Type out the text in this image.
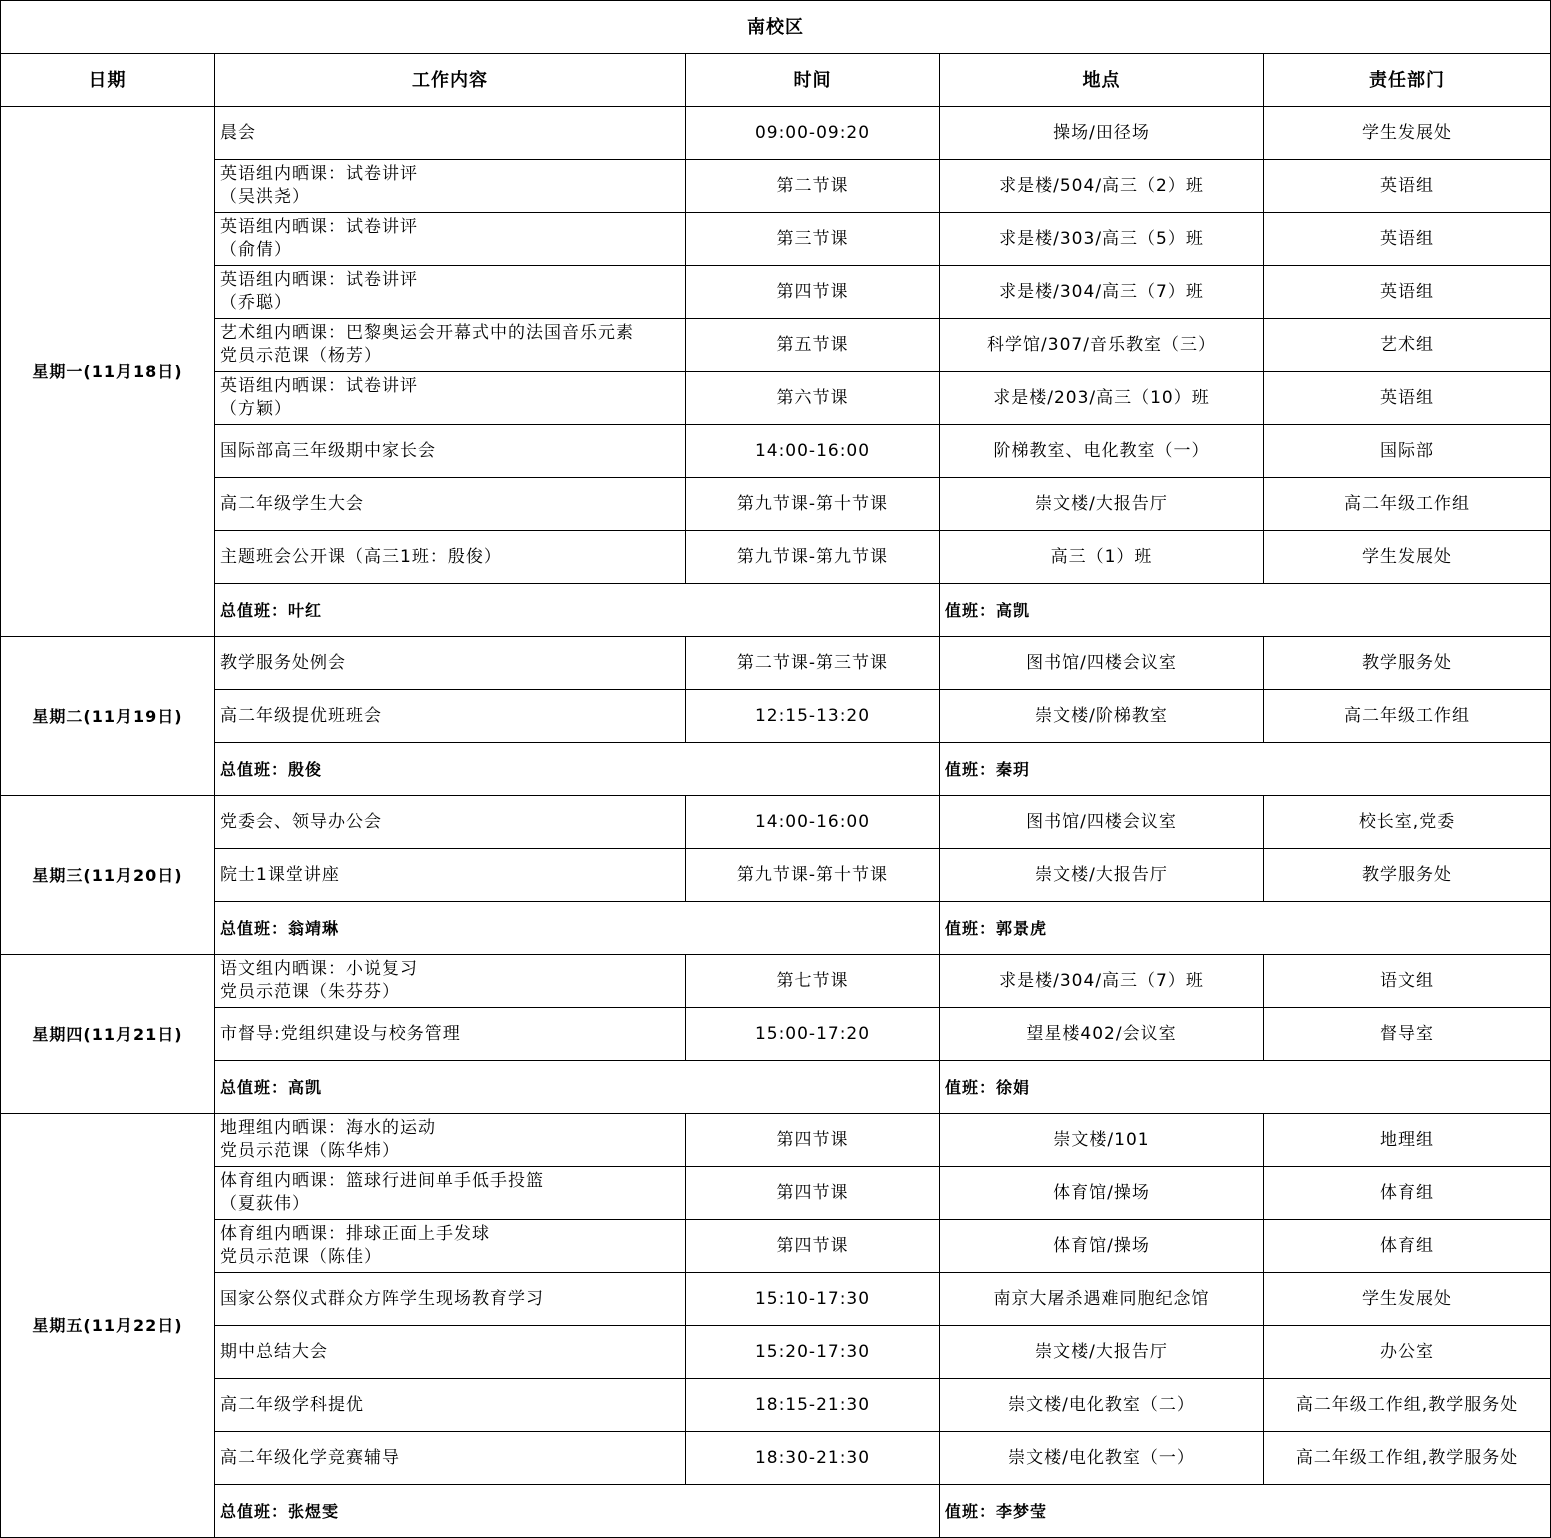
南校区				
日期	工作内容	时间	地点	责任部门
星期一(11月18日)	晨会	09:00-09:20	操场/田径场	学生发展处

	英语组内晒课：试卷讲评
（吴洪尧）	第二节课	求是楼/504/高三（2）班	英语组

	英语组内晒课：试卷讲评
（俞倩）	第三节课	求是楼/303/高三（5）班	英语组

	英语组内晒课：试卷讲评
（乔聪）	第四节课	求是楼/304/高三（7）班	英语组

	艺术组内晒课：巴黎奥运会开幕式中的法国音乐元素
党员示范课（杨芳）	第五节课	科学馆/307/音乐教室（三）	艺术组

	英语组内晒课：试卷讲评
（方颖）	第六节课	求是楼/203/高三（10）班	英语组

	国际部高三年级期中家长会	14:00-16:00	阶梯教室、电化教室（一）	国际部

	高二年级学生大会	第九节课-第十节课	崇文楼/大报告厅	高二年级工作组

	主题班会公开课（高三1班：殷俊）	第九节课-第九节课	高三（1）班	学生发展处
	总值班：叶红		值班：高凯	
星期二(11月19日)	教学服务处例会	第二节课-第三节课	图书馆/四楼会议室	教学服务处

	高二年级提优班班会	12:15-13:20	崇文楼/阶梯教室	高二年级工作组
	总值班：殷俊		值班：秦玥	
星期三(11月20日)	党委会、领导办公会	14:00-16:00	图书馆/四楼会议室	校长室,党委

	院士1课堂讲座	第九节课-第十节课	崇文楼/大报告厅	教学服务处
	总值班：翁靖琳		值班：郭景虎	
星期四(11月21日)	语文组内晒课：小说复习
党员示范课（朱芬芬）	第七节课	求是楼/304/高三（7）班	语文组

	市督导:党组织建设与校务管理	15:00-17:20	望星楼402/会议室	督导室
	总值班：高凯		值班：徐娟	
星期五(11月22日)	地理组内晒课：海水的运动
党员示范课（陈华炜）	第四节课	崇文楼/101	地理组

	体育组内晒课：篮球行进间单手低手投篮
（夏荻伟）	第四节课	体育馆/操场	体育组

	体育组内晒课：排球正面上手发球
党员示范课（陈佳）	第四节课	体育馆/操场	体育组

	国家公祭仪式群众方阵学生现场教育学习	15:10-17:30	南京大屠杀遇难同胞纪念馆	学生发展处

	期中总结大会	15:20-17:30	崇文楼/大报告厅	办公室

	高二年级学科提优	18:15-21:30	崇文楼/电化教室（二）	高二年级工作组,教学服务处

	高二年级化学竞赛辅导	18:30-21:30	崇文楼/电化教室（一）	高二年级工作组,教学服务处
	总值班：张煜雯		值班：李梦莹	
